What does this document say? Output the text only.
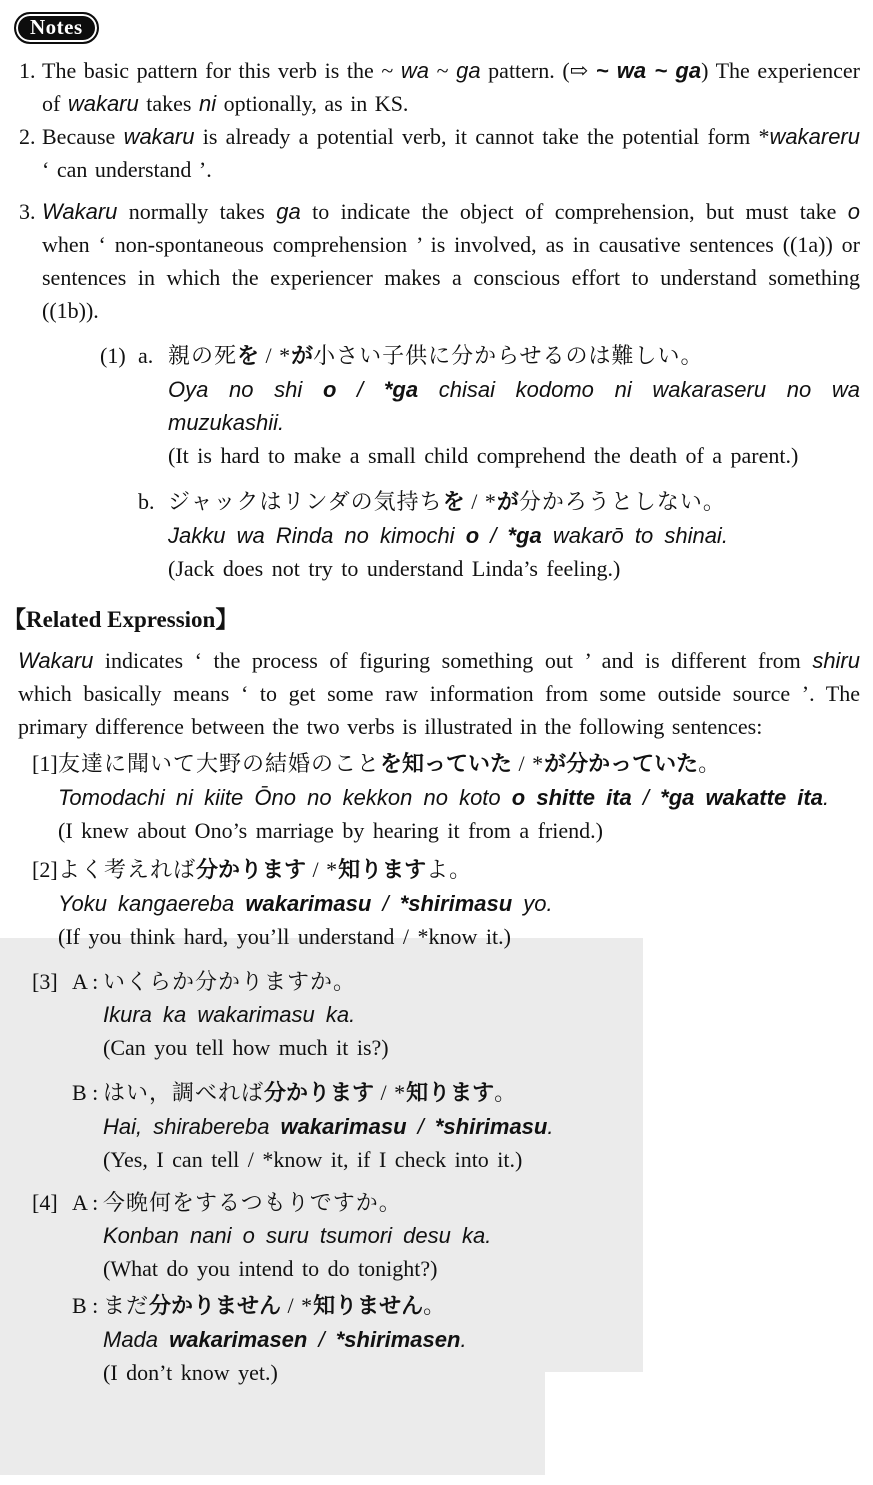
Notes
1. The basic pattern for this verb is the ~ wa ~ ga pattern. (⇨ ~ wa ~ ga) The experiencer of wakaru takes ni optionally, as in KS.
2. Because wakaru is already a potential verb, it cannot take the potential form *wakareru ‘ can understand ’.
3. Wakaru normally takes ga to indicate the object of comprehension, but must take o when ‘ non-spontaneous comprehension ’ is involved, as in causative sentences ((1a)) or sentences in which the experiencer makes a conscious effort to understand something ((1b)).
(1) a. 親の死を / *が小さい子供に分からせるのは難しい。
Oya no shi o / *ga chisai kodomo ni wakaraseru no wa muzukashii.
(It is hard to make a small child comprehend the death of a parent.)
b. ジャックはリンダの気持ちを / *が分かろうとしない。
Jakku wa Rinda no kimochi o / *ga wakarō to shinai.
(Jack does not try to understand Linda’s feeling.)
【Related Expression】
Wakaru indicates ‘ the process of figuring something out ’ and is different from shiru which basically means ‘ to get some raw information from some outside source ’. The primary difference between the two verbs is illustrated in the following sentences:
[1] 友達に聞いて大野の結婚のことを知っていた / *が分かっていた。
Tomodachi ni kiite Ōno no kekkon no koto o shitte ita / *ga wakatte ita.
(I knew about Ono’s marriage by hearing it from a friend.)
[2] よく考えれば分かります / *知りますよ。
Yoku kangaereba wakarimasu / *shirimasu yo.
(If you think hard, you’ll understand / *know it.)
[3] A : いくらか分かりますか。
Ikura ka wakarimasu ka.
(Can you tell how much it is?)
B : はい，調べれば分かります / *知ります。
Hai, shirabereba wakarimasu / *shirimasu.
(Yes, I can tell / *know it, if I check into it.)
[4] A : 今晩何をするつもりですか。
Konban nani o suru tsumori desu ka.
(What do you intend to do tonight?)
B : まだ分かりません / *知りません。
Mada wakarimasen / *shirimasen.
(I don’t know yet.)
